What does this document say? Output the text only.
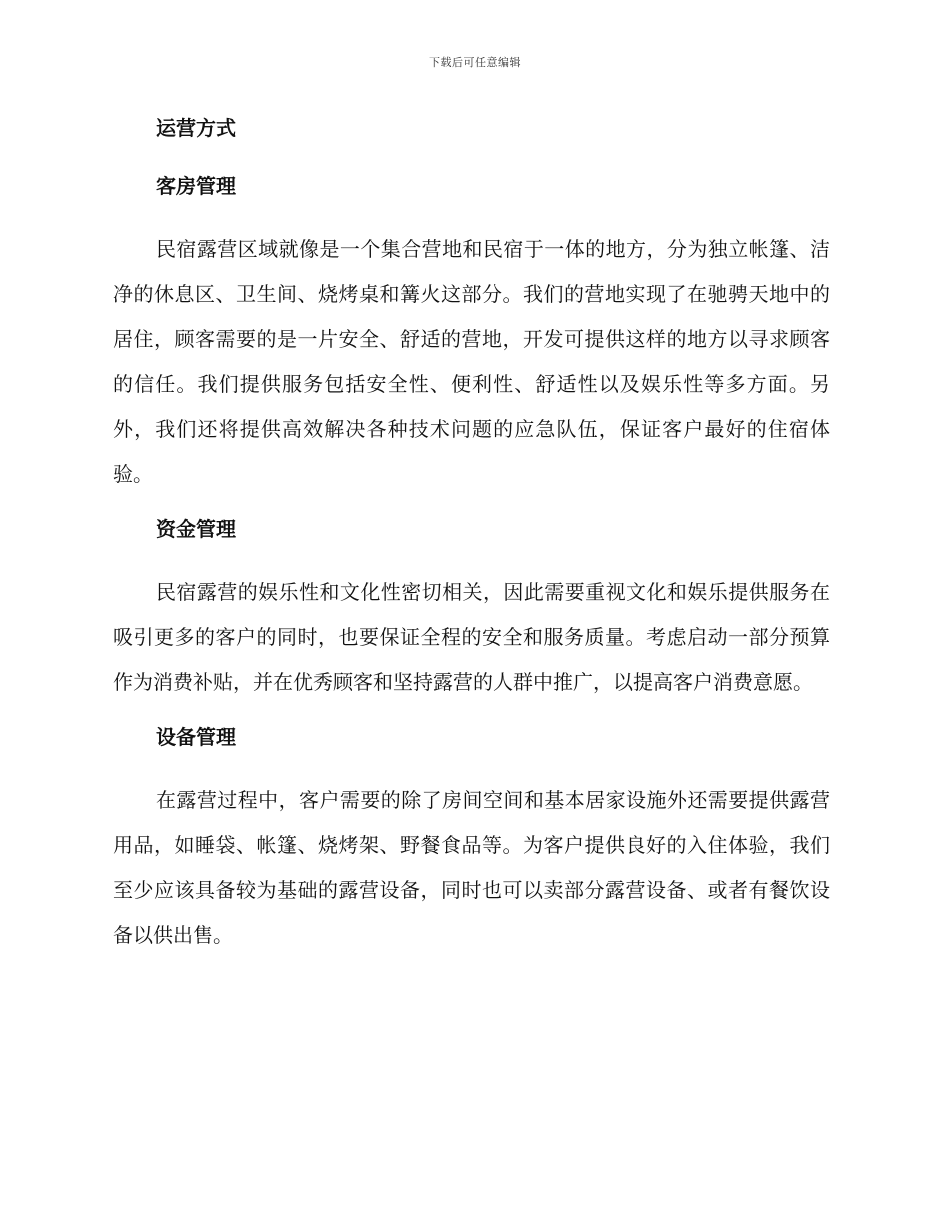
下载后可任意编辑
运营方式
客房管理

民宿露营区域就像是一个集合营地和民宿于一体的地方，分为独立帐篷、洁净的休息区、卫生间、烧烤桌和篝火这部分。我们的营地实现了在驰骋天地中的居住，顾客需要的是一片安全、舒适的营地，开发可提供这样的地方以寻求顾客的信任。我们提供服务包括安全性、便利性、舒适性以及娱乐性等多方面。另外，我们还将提供高效解决各种技术问题的应急队伍，保证客户最好的住宿体验。

资金管理

民宿露营的娱乐性和文化性密切相关，因此需要重视文化和娱乐提供服务在吸引更多的客户的同时，也要保证全程的安全和服务质量。考虑启动一部分预算作为消费补贴，并在优秀顾客和坚持露营的人群中推广，以提高客户消费意愿。

设备管理

在露营过程中，客户需要的除了房间空间和基本居家设施外还需要提供露营用品，如睡袋、帐篷、烧烤架、野餐食品等。为客户提供良好的入住体验，我们至少应该具备较为基础的露营设备，同时也可以卖部分露营设备、或者有餐饮设备以供出售。
